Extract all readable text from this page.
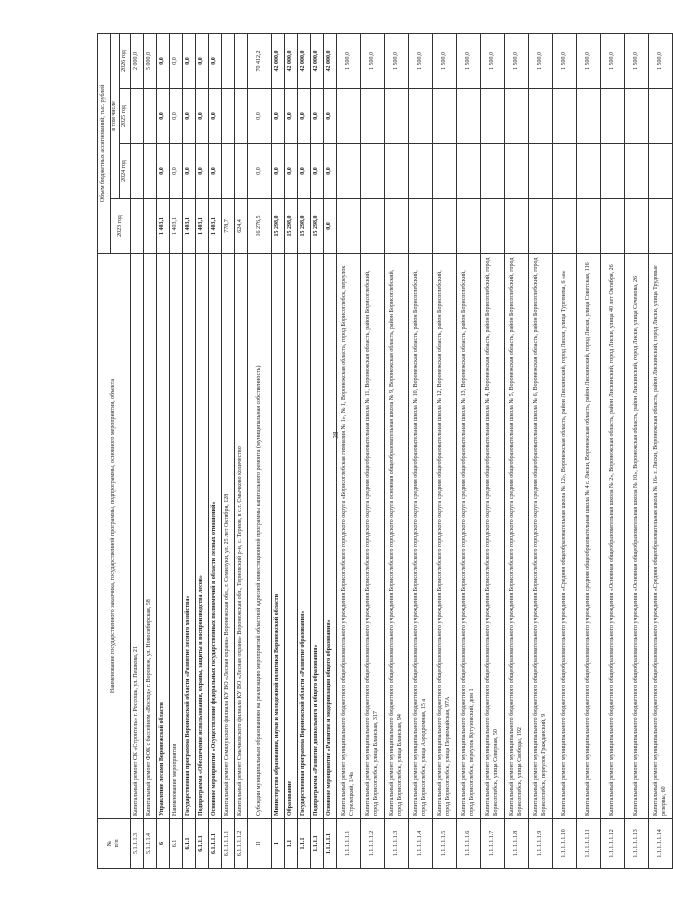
38
№
п/п	Наименование государственного заказчика, государственной программы, подпрограммы, основного мероприятия, объекта	Объем бюджетных ассигнований, тыс. рублей			
		2023 год	в том числе		
			2024 год	2025 год	2026 год
5.1.1.1.3	Капитальный ремонт СК «Строитель» г. Россошь, ул. Пешкова, 21				2 000,0
5.1.1.1.4	Капитальный ремонт ФОК с бассейном «Восход» г. Воронеж, ул. Новосибирская, 58				5 000,0
6	Управление лесами Воронежской области	1 403,1	0,0	0,0	0,0
6.1	Наименование мероприятия	1 403,1	0,0	0,0	0,0
6.1.1	Государственная программа Воронежской области «Развитие лесного хозяйства»	1 403,1	0,0	0,0	0,0
6.1.1.1	Подпрограмма «Обеспечение использования, охраны, защиты и воспроизводства лесов»	1 403,1	0,0	0,0	0,0
6.1.1.1.1	Основное мероприятие «Осуществление федеральных государственных полномочий в области лесных отношений»	1 403,1	0,0	0,0	0,0
6.1.1.1.1.1	Капитальный ремонт Семилукского филиала КУ ВО «Лесная охрана» Воронежская обл., г. Семилуки, ул. 25 лет Октября, 128	778,7			
6.1.1.1.1.2	Капитальный ремонт Смычковского филиала КУ ВО «Лесная охрана» Воронежская обл., Терновский р-н, с. Тернов, в с.т. Смычково количество	624,4			
II	Субсидии муниципальным образованиям на реализацию мероприятий областной адресной инвестиционной программы капитального ремонта (муниципальная собственность)	16 276,5	0,0	0,0	70 412,2
1	Министерство образования, науки и молодежной политики Воронежской области	15 298,0	0,0	0,0	42 000,0
1.1	Образование	15 298,0	0,0	0,0	42 000,0
1.1.1	Государственная программа Воронежской области «Развитие образования»	15 298,0	0,0	0,0	42 000,0
1.1.1.1	Подпрограмма «Развитие дошкольного и общего образования»	15 298,0	0,0	0,0	42 000,0
1.1.1.1.1	Основное мероприятие «Развитие и модернизация общего образования»	0,0	0,0	0,0	42 000,0
1.1.1.1.1.1	Капитальный ремонт муниципального бюджетного общеобразовательного учреждения Борисоглебского городского округа «Борисоглебская гимназия № 1», № 1, Воронежская область, город Борисоглебск, переулок Стрелецкий, 1/4а				1 500,0
1.1.1.1.1.2	Капитальный ремонт муниципального бюджетного общеобразовательного учреждения Борисоглебского городского округа средняя общеобразовательная школа № 11, Воронежская область, район Борисоглебский, город Борисоглебск, улица Бланская, 317				1 500,0
1.1.1.1.1.3	Капитальный ремонт муниципального бюджетного общеобразовательного учреждения Борисоглебского городского округа основная общеобразовательная школа № 9, Воронежская область, район Борисоглебский, город Борисоглебск, улица Бланская, 94				1 500,0
1.1.1.1.1.4	Капитальный ремонт муниципального бюджетного общеобразовательного учреждения Борисоглебского городского округа средняя общеобразовательная школа № 10, Воронежская область, район Борисоглебский, город Борисоглебск, улица Аэродромная, 15 а				1 500,0
1.1.1.1.1.5	Капитальный ремонт муниципального бюджетного общеобразовательного учреждения Борисоглебского городского округа средняя общеобразовательная школа № 12, Воронежская область, район Борисоглебский, город Борисоглебск, улица Первомайская, 97А				1 500,0
1.1.1.1.1.6	Капитальный ремонт муниципального бюджетного общеобразовательного учреждения Борисоглебского городского округа средняя общеобразовательная школа № 13, Воронежская область, район Борисоглебский, город Борисоглебск, переулок Кутузовский, дом 1				1 500,0
1.1.1.1.1.7	Капитальный ремонт муниципального бюджетного общеобразовательного учреждения Борисоглебского городского округа средняя общеобразовательная школа № 4, Воронежская область, район Борисоглебский, город Борисоглебск, улица Северная, 50				1 500,0
1.1.1.1.1.8	Капитальный ремонт муниципального бюджетного общеобразовательного учреждения Борисоглебского городского округа средняя общеобразовательная школа № 5, Воронежская область, район Борисоглебский, город Борисоглебск, улица Свободы, 192				1 500,0
1.1.1.1.1.9	Капитальный ремонт муниципального бюджетного общеобразовательного учреждения Борисоглебского городского округа средняя общеобразовательная школа № 6, Воронежская область, район Борисоглебский, город Борисоглебск, переулок Гражданский, 9				1 500,0
1.1.1.1.1.10	Капитальный ремонт муниципального бюджетного общеобразовательного учреждения «Средняя общеобразовательная школа № 12», Воронежская область, район Лискинский, город Лиски, улица Тургенева, 6 «а»				1 500,0
1.1.1.1.1.11	Капитальный ремонт муниципального бюджетного общеобразовательного учреждения средняя общеобразовательная школа № 4 г. Лиски, Воронежская область, район Лискинский, город Лиски, улица Советская, 116				1 500,0
1.1.1.1.1.12	Капитальный ремонт муниципального бюджетного общеобразовательного учреждения «Основная общеобразовательная школа № 2», Воронежская область, район Лискинский, город Лиски, улица 40 лет Октября, 26				1 500,0
1.1.1.1.1.13	Капитальный ремонт муниципального бюджетного общеобразовательного учреждения «Основная общеобразовательная школа № 10», Воронежская область, район Лискинский, город Лиски, улица Сеченова, 26				1 500,0
1.1.1.1.1.14	Капитальный ремонт муниципального бюджетного общеобразовательного учреждения «Средняя общеобразовательная школа № 16» г. Лиски, Воронежская область, район Лискинский, город Лиски, улица Трудовые резервы, 60				1 500,0
